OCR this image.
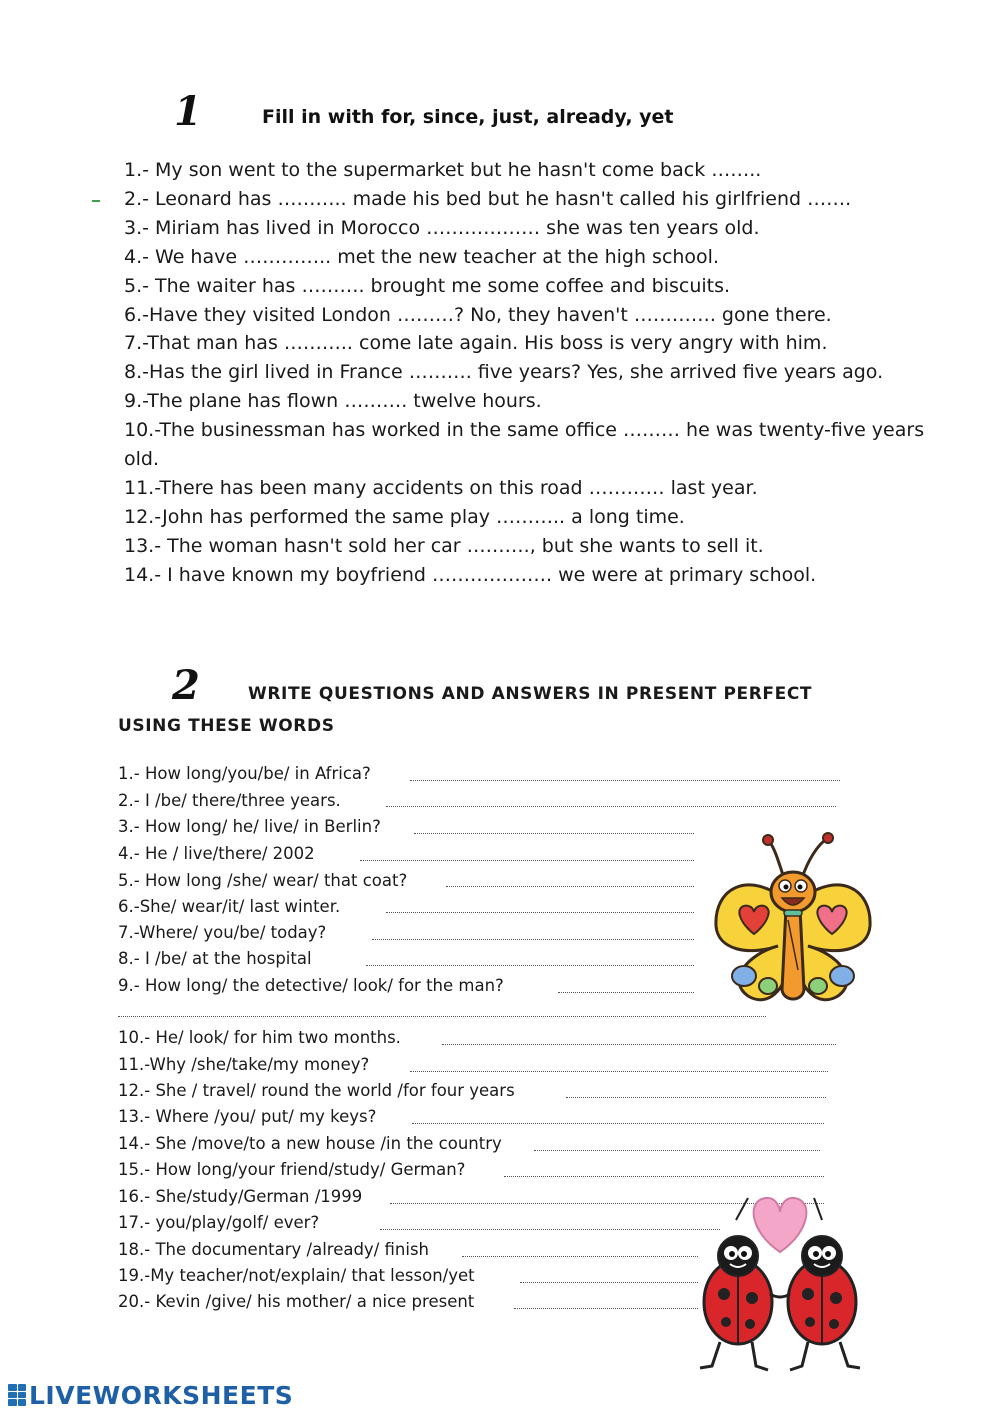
1	Fill in with for, since, just, already, yet
1.- My son went to the supermarket but he hasn't come back ……..
2.- Leonard has ……….. made his bed but he hasn't called his girlfriend …….
3.- Miriam has lived in Morocco ……………… she was ten years old.
4.- We have ………….. met the new teacher at the high school.
5.- The waiter has ………. brought me some coffee and biscuits.
6.-Have they visited London ………? No, they haven't …………. gone there.
7.-That man has ……….. come late again. His boss is very angry with him.
8.-Has the girl lived in France ………. five years? Yes, she arrived five years ago.
9.-The plane has flown ………. twelve hours.
10.-The businessman has worked in the same office ……… he was twenty-five years old.
11.-There has been many accidents on this road ………… last year.
12.-John has performed the same play ……….. a long time.
13.- The woman hasn't sold her car ………., but she wants to sell it.
14.- I have known my boyfriend ………………. we were at primary school.
2	WRITE QUESTIONS AND ANSWERS IN PRESENT PERFECT
USING THESE WORDS
1.- How long/you/be/ in Africa?
2.- I /be/ there/three years.
3.- How long/ he/ live/ in Berlin?
4.- He / live/there/ 2002
5.- How long /she/ wear/ that coat?
6.-She/ wear/it/ last winter.
7.-Where/ you/be/ today?
8.- I /be/ at the hospital
9.- How long/ the detective/ look/ for the man?
10.- He/ look/ for him two months.
11.-Why /she/take/my money?
12.- She / travel/ round the world /for four years
13.- Where /you/ put/ my keys?
14.- She /move/to a new house /in the country
15.- How long/your friend/study/ German?
16.- She/study/German /1999
17.- you/play/golf/ ever?
18.- The documentary /already/ finish
19.-My teacher/not/explain/ that lesson/yet
20.- Kevin /give/ his mother/ a nice present
LIVEWORKSHEETS
